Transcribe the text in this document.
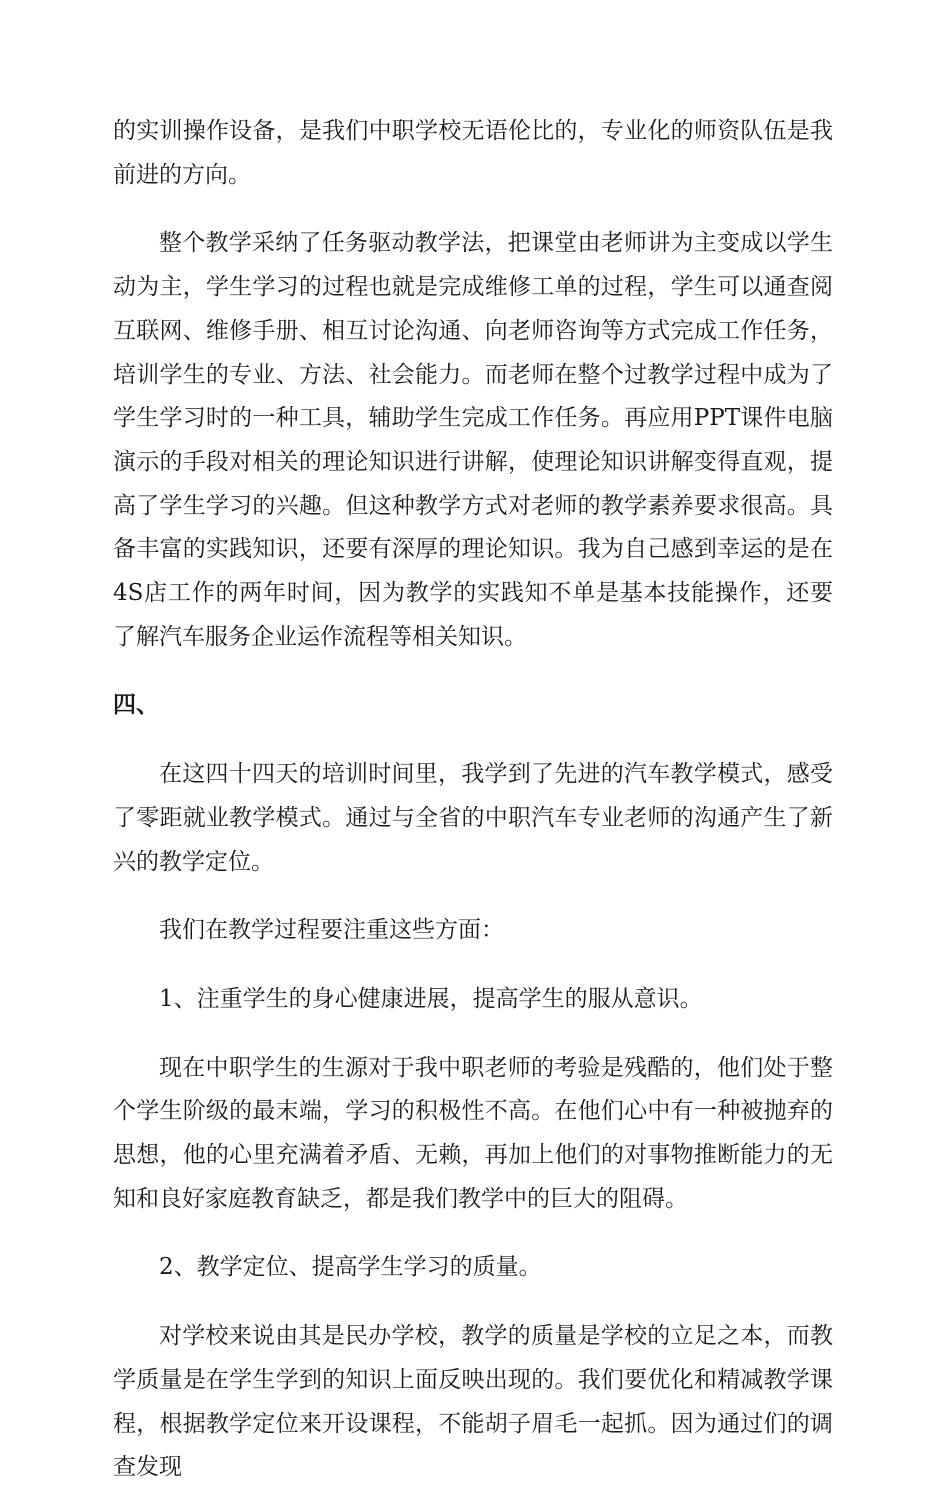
的实训操作设备，是我们中职学校无语伦比的，专业化的师资队伍是我前进的方向。

整个教学采纳了任务驱动教学法，把课堂由老师讲为主变成以学生动为主，学生学习的过程也就是完成维修工单的过程，学生可以通查阅互联网、维修手册、相互讨论沟通、向老师咨询等方式完成工作任务，培训学生的专业、方法、社会能力。而老师在整个过教学过程中成为了学生学习时的一种工具，辅助学生完成工作任务。再应用PPT课件电脑演示的手段对相关的理论知识进行讲解，使理论知识讲解变得直观，提高了学生学习的兴趣。但这种教学方式对老师的教学素养要求很高。具备丰富的实践知识，还要有深厚的理论知识。我为自己感到幸运的是在4S店工作的两年时间，因为教学的实践知不单是基本技能操作，还要了解汽车服务企业运作流程等相关知识。

四、

在这四十四天的培训时间里，我学到了先进的汽车教学模式，感受了零距就业教学模式。通过与全省的中职汽车专业老师的沟通产生了新兴的教学定位。

我们在教学过程要注重这些方面：

1、注重学生的身心健康进展，提高学生的服从意识。

现在中职学生的生源对于我中职老师的考验是残酷的，他们处于整个学生阶级的最末端，学习的积极性不高。在他们心中有一种被抛弃的思想，他的心里充满着矛盾、无赖，再加上他们的对事物推断能力的无知和良好家庭教育缺乏，都是我们教学中的巨大的阻碍。

2、教学定位、提高学生学习的质量。

对学校来说由其是民办学校，教学的质量是学校的立足之本，而教学质量是在学生学到的知识上面反映出现的。我们要优化和精减教学课程，根据教学定位来开设课程，不能胡子眉毛一起抓。因为通过们的调查发现
